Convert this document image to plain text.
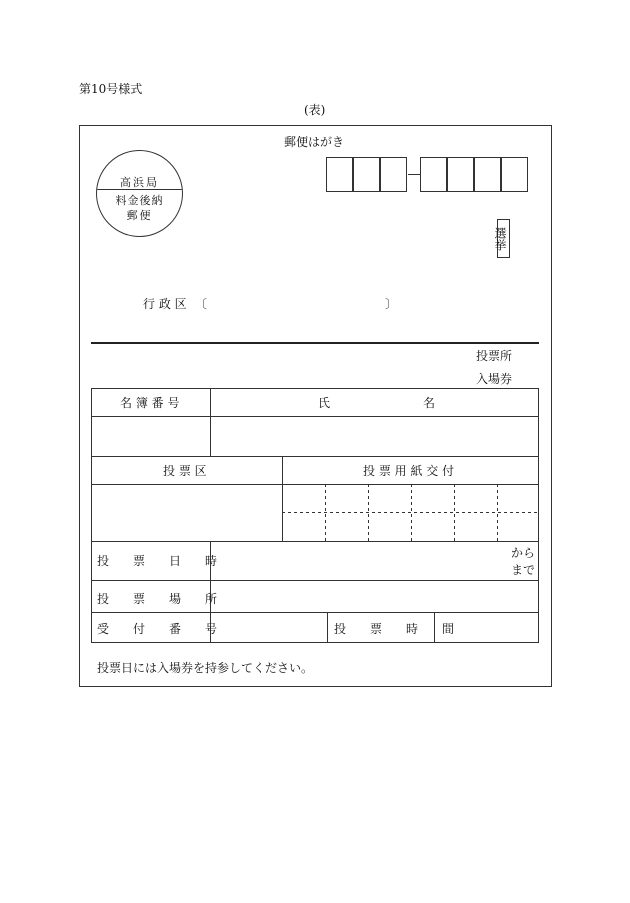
第10号様式
(表)
郵便はがき
高浜局
料金後納
郵便
選挙
行 政 区 〔	〕
投票所
入場券
名 簿 番 号	氏	名
投 票 区	投 票 用 紙 交 付
投　　票　　日　　時
から
まで
投　　票　　場　　所
受　　付　　番　　号	投　　票　　時　　間
投票日には入場券を持参してください。
